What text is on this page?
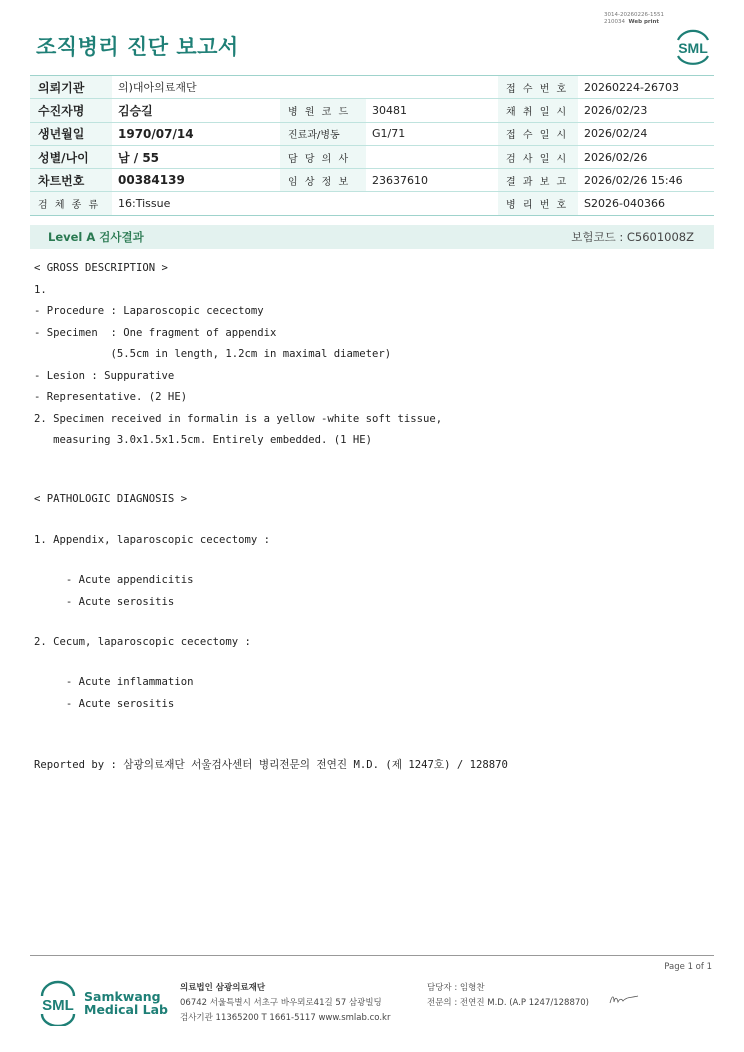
3014-20260226-1551
210034 Web print
조직병리 진단 보고서	SML
의뢰기관	의)대아의료재단			접 수 번 호	20260224-26703
수진자명	김승길	병 원 코 드	30481	채 취 일 시	2026/02/23
생년월일	1970/07/14	진료과/병동	G1/71	접 수 일 시	2026/02/24
성별/나이	남 / 55	담 당 의 사		검 사 일 시	2026/02/26
차트번호	00384139	임 상 정 보	23637610	결 과 보 고	2026/02/26 15:46
검 체 종 류	16:Tissue			병 리 번 호	S2026-040366
Level A 검사결과	보험코드 : C5601008Z

< GROSS DESCRIPTION >

1.

- Procedure : Laparoscopic cecectomy

- Specimen  : One fragment of appendix

(5.5cm in length, 1.2cm in maximal diameter)

- Lesion : Suppurative

- Representative. (2 HE)

2. Specimen received in formalin is a yellow -white soft tissue,

measuring 3.0x1.5x1.5cm. Entirely embedded. (1 HE)

< PATHOLOGIC DIAGNOSIS >

1. Appendix, laparoscopic cecectomy :

- Acute appendicitis

- Acute serositis

2. Cecum, laparoscopic cecectomy :

- Acute inflammation

- Acute serositis

Reported by : 삼광의료재단 서울검사센터 병리전문의 전연진 M.D. (제 1247호) / 128870

Page 1 of 1
SML
Samkwang
Medical Lab
의료법인 삼광의료재단
06742 서울특별시 서초구 바우뫼로41길 57 삼광빌딩
검사기관 11365200 T 1661-5117 www.smlab.co.kr
담당자 : 임형찬
전문의 : 전연진 M.D. (A.P 1247/128870)
